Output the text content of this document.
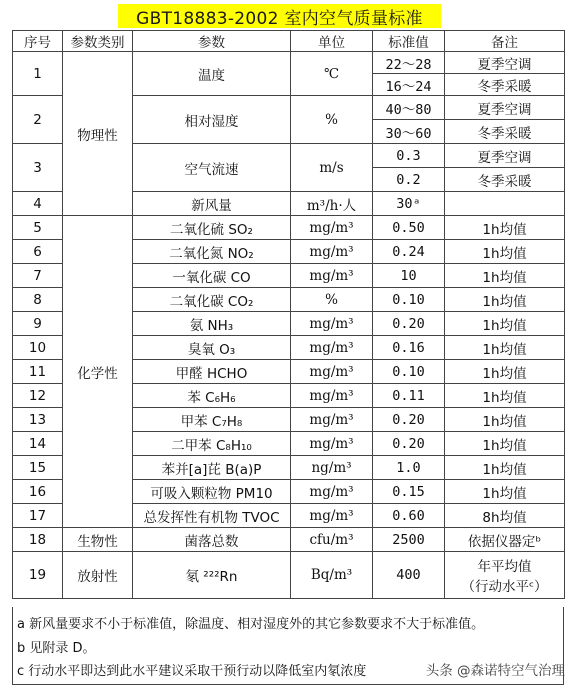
GBT18883-2002 室内空气质量标准
序号	参数类别	参数	单位	标准值	备注
1	物理性	温度	℃	22～28	夏季空调
				16～24	冬季采暖
2		相对湿度	%	40～80	夏季空调
				30～60	冬季采暖
3		空气流速	m/s	0.3	夏季空调
				0.2	冬季采暖
4		新风量	m³/h·人	30ᵃ	
5	化学性	二氧化硫 SO₂	mg/m³	0.50	1h均值
6		二氧化氮 NO₂	mg/m³	0.24	1h均值
7		一氧化碳 CO	mg/m³	10	1h均值
8		二氧化碳 CO₂	%	0.10	1h均值
9		氨 NH₃	mg/m³	0.20	1h均值
10		臭氧 O₃	mg/m³	0.16	1h均值
11		甲醛 HCHO	mg/m³	0.10	1h均值
12		苯 C₆H₆	mg/m³	0.11	1h均值
13		甲苯 C₇H₈	mg/m³	0.20	1h均值
14		二甲苯 C₈H₁₀	mg/m³	0.20	1h均值
15		苯并[a]芘 B(a)P	ng/m³	1.0	1h均值
16		可吸入颗粒物 PM10	mg/m³	0.15	1h均值
17		总发挥性有机物 TVOC	mg/m³	0.60	8h均值
18	生物性	菌落总数	cfu/m³	2500	依据仪器定ᵇ
19	放射性	氡 ²²²Rn	Bq/m³	400	年平均值
（行动水平ᶜ）
a 新风量要求不小于标准值，除温度、相对湿度外的其它参数要求不大于标准值。
b 见附录 D。
c 行动水平即达到此水平建议采取干预行动以降低室内氡浓度	头条 @森诺特空气治理
